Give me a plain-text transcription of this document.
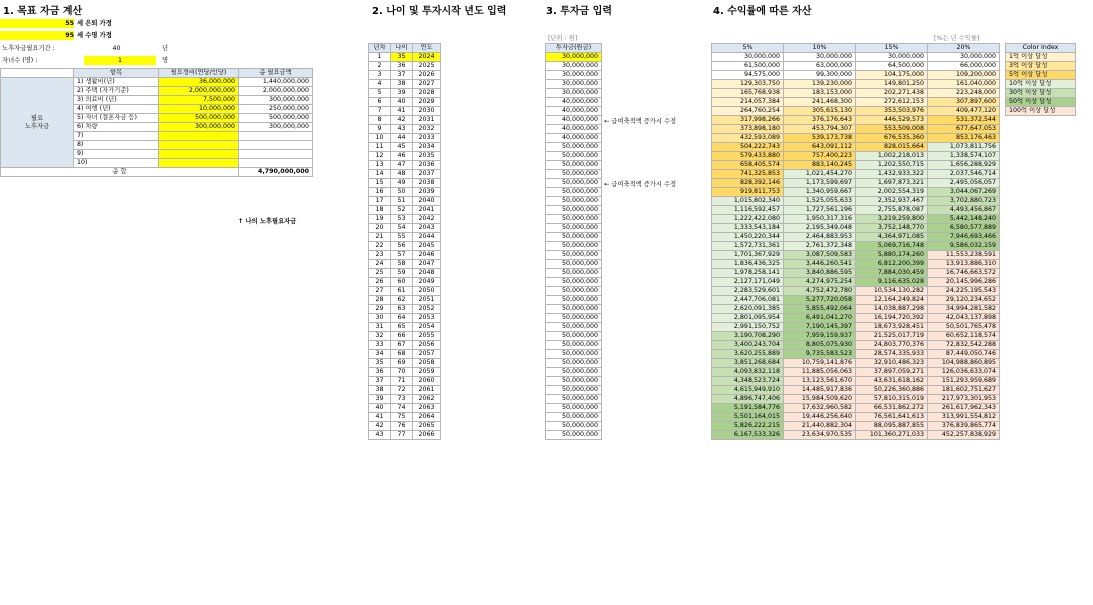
1. 목표 자금 계산	2. 나이 및 투자시작 년도 입력	3. 투자금 입력	4. 수익률에 따른 자산
55 세 은퇴 가정
95 세 수명 가정
노후자금필요기간 :	40	년
자녀수 (명) :	1	명
	항목	필요경비(연당/인당)	총 필요금액

필요
노후자금	1) 생활비(년)	36,000,000	1,440,000,000
	2) 주택 (자가기준)	2,000,000,000	2,000,000,000
	3) 의료비 (년)	7,500,000	300,000,000
	4) 여행 (년)	10,000,000	250,000,000
	5) 자녀 (결혼자금 등)	500,000,000	500,000,000
	6) 차량	300,000,000	300,000,000
	7)		
	8)		
	9)		
	10)		
총 합			4,790,000,000
↑ 나의 노후필요자금
[단위 : 원]	[%는 년 수익률]
년차	나이	연도
1	35	2024
2	36	2025
3	37	2026
4	38	2027
5	39	2028
6	40	2029
7	41	2030
8	42	2031
9	43	2032
10	44	2033
11	45	2034
12	46	2035
13	47	2036
14	48	2037
15	49	2038
16	50	2039
17	51	2040
18	52	2041
19	53	2042
20	54	2043
21	55	2044
22	56	2045
23	57	2046
24	58	2047
25	59	2048
26	60	2049
27	61	2050
28	62	2051
29	63	2052
30	64	2053
31	65	2054
32	66	2055
33	67	2056
34	68	2057
35	69	2058
36	70	2059
37	71	2060
38	72	2061
39	73	2062
40	74	2063
41	75	2064
42	76	2065
43	77	2066
투자금(원금)
30,000,000
30,000,000
30,000,000
30,000,000
30,000,000
40,000,000
40,000,000
40,000,000
40,000,000
40,000,000
50,000,000
50,000,000
50,000,000
50,000,000
50,000,000
50,000,000
50,000,000
50,000,000
50,000,000
50,000,000
50,000,000
50,000,000
50,000,000
50,000,000
50,000,000
50,000,000
50,000,000
50,000,000
50,000,000
50,000,000
50,000,000
50,000,000
50,000,000
50,000,000
50,000,000
50,000,000
50,000,000
50,000,000
50,000,000
50,000,000
50,000,000
50,000,000
50,000,000
5%	10%	15%	20%
30,000,000	30,000,000	30,000,000	30,000,000
61,500,000	63,000,000	64,500,000	66,000,000
94,575,000	99,300,000	104,175,000	109,200,000
129,303,750	139,230,000	149,801,250	161,040,000
165,768,938	183,153,000	202,271,438	223,248,000
214,057,384	241,468,300	272,612,153	307,897,600
264,760,254	305,615,130	353,503,976	409,477,120
317,998,266	376,176,643	446,529,573	531,372,544
373,898,180	453,794,307	553,509,008	677,647,053
432,593,089	539,173,738	676,535,360	853,176,463
504,222,743	643,091,112	828,015,664	1,073,811,756
579,433,880	757,400,223	1,002,218,013	1,338,574,107
658,405,574	883,140,245	1,202,550,715	1,656,288,929
741,325,853	1,021,454,270	1,432,933,322	2,037,546,714
828,392,146	1,173,599,697	1,697,873,321	2,495,056,057
919,811,753	1,340,959,667	2,002,554,319	3,044,067,269
1,015,802,340	1,525,055,633	2,352,937,467	3,702,880,723
1,116,592,457	1,727,561,196	2,755,878,087	4,493,456,867
1,222,422,080	1,950,317,316	3,219,259,800	5,442,148,240
1,333,543,184	2,195,349,048	3,752,148,770	6,580,577,889
1,450,220,344	2,464,883,953	4,364,971,085	7,946,693,466
1,572,731,361	2,761,372,348	5,069,716,748	9,586,032,159
1,701,367,929	3,087,509,583	5,880,174,260	11,553,238,591
1,836,436,325	3,446,260,541	6,812,200,399	13,913,886,310
1,978,258,141	3,840,886,595	7,884,030,459	16,746,663,572
2,127,171,049	4,274,975,254	9,116,635,028	20,145,996,286
2,283,529,601	4,752,472,780	10,534,130,282	24,225,195,543
2,447,706,081	5,277,720,058	12,164,249,824	29,120,234,652
2,620,091,385	5,855,492,064	14,038,887,298	34,994,281,582
2,801,095,954	6,491,041,270	16,194,720,392	42,043,137,898
2,991,150,752	7,190,145,397	18,673,928,451	50,501,765,478
3,190,708,290	7,959,159,937	21,525,017,719	60,652,118,574
3,400,243,704	8,805,075,930	24,803,770,376	72,832,542,288
3,620,255,889	9,735,583,523	28,574,335,933	87,449,050,746
3,851,268,684	10,759,141,876	32,910,486,323	104,988,860,895
4,093,832,118	11,885,056,063	37,897,059,271	126,036,633,074
4,348,523,724	13,123,561,670	43,631,618,162	151,293,959,689
4,615,949,910	14,485,917,836	50,226,360,886	181,602,751,627
4,896,747,406	15,984,509,620	57,810,315,019	217,973,301,953
5,191,584,776	17,632,960,582	66,531,862,272	261,617,962,343
5,501,164,015	19,446,256,640	76,561,641,613	313,991,554,812
5,826,222,215	21,440,882,304	88,095,887,855	376,839,865,774
6,167,533,326	23,634,970,535	101,360,271,033	452,257,838,929
← 급여축적액 증가시 수정
← 급여축적액 증가시 수정
Color Index
1억 이상 달성
3억 이상 달성
5억 이상 달성
10억 이상 달성
30억 이상 달성
50억 이상 달성
100억 이상 달성
